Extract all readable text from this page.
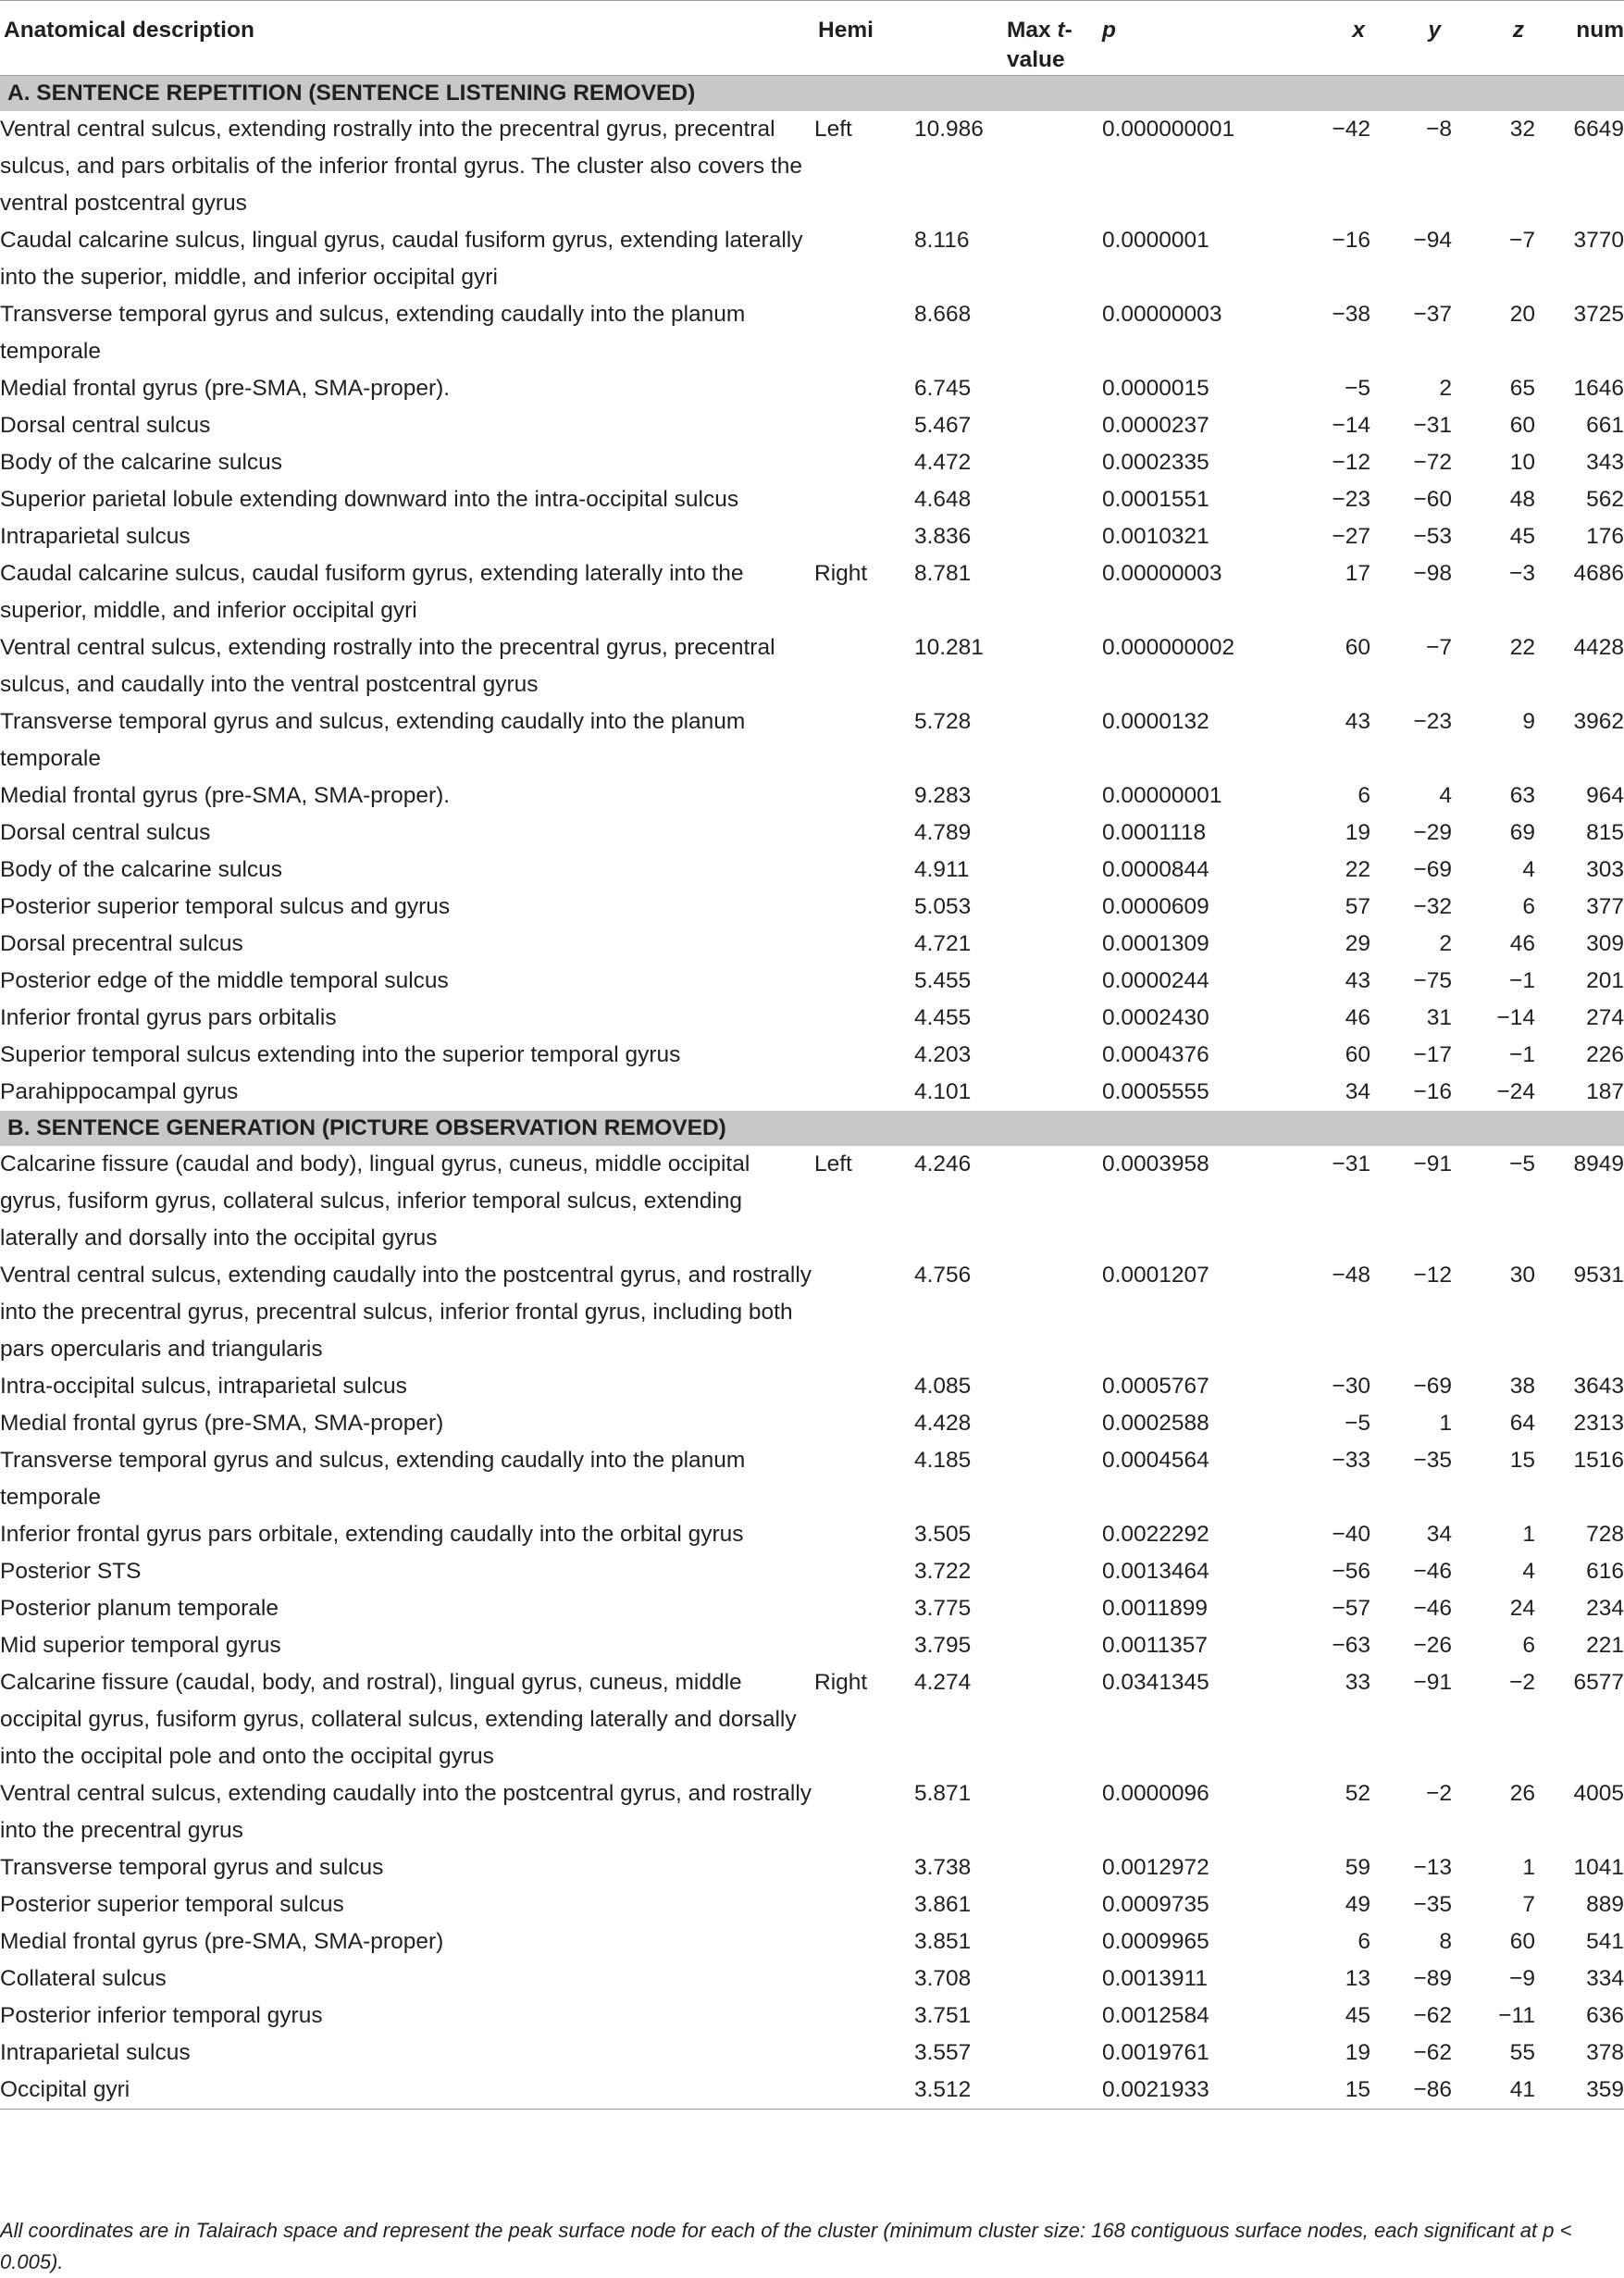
Anatomical description	Hemi	Max t-value	p	x	y	z	num
A. SENTENCE REPETITION (SENTENCE LISTENING REMOVED)							
Ventral central sulcus, extending rostrally into the precentral gyrus, precentral sulcus, and pars orbitalis of the inferior frontal gyrus. The cluster also covers the ventral postcentral gyrus	Left	10.986	0.000000001	−42	−8	32	6649
Caudal calcarine sulcus, lingual gyrus, caudal fusiform gyrus, extending laterally into the superior, middle, and inferior occipital gyri		8.116	0.0000001	−16	−94	−7	3770
Transverse temporal gyrus and sulcus, extending caudally into the planum temporale		8.668	0.00000003	−38	−37	20	3725
Medial frontal gyrus (pre-SMA, SMA-proper).		6.745	0.0000015	−5	2	65	1646
Dorsal central sulcus		5.467	0.0000237	−14	−31	60	661
Body of the calcarine sulcus		4.472	0.0002335	−12	−72	10	343
Superior parietal lobule extending downward into the intra-occipital sulcus		4.648	0.0001551	−23	−60	48	562
Intraparietal sulcus		3.836	0.0010321	−27	−53	45	176
Caudal calcarine sulcus, caudal fusiform gyrus, extending laterally into the superior, middle, and inferior occipital gyri	Right	8.781	0.00000003	17	−98	−3	4686
Ventral central sulcus, extending rostrally into the precentral gyrus, precentral sulcus, and caudally into the ventral postcentral gyrus		10.281	0.000000002	60	−7	22	4428
Transverse temporal gyrus and sulcus, extending caudally into the planum temporale		5.728	0.0000132	43	−23	9	3962
Medial frontal gyrus (pre-SMA, SMA-proper).		9.283	0.00000001	6	4	63	964
Dorsal central sulcus		4.789	0.0001118	19	−29	69	815
Body of the calcarine sulcus		4.911	0.0000844	22	−69	4	303
Posterior superior temporal sulcus and gyrus		5.053	0.0000609	57	−32	6	377
Dorsal precentral sulcus		4.721	0.0001309	29	2	46	309
Posterior edge of the middle temporal sulcus		5.455	0.0000244	43	−75	−1	201
Inferior frontal gyrus pars orbitalis		4.455	0.0002430	46	31	−14	274
Superior temporal sulcus extending into the superior temporal gyrus		4.203	0.0004376	60	−17	−1	226
Parahippocampal gyrus		4.101	0.0005555	34	−16	−24	187
B. SENTENCE GENERATION (PICTURE OBSERVATION REMOVED)							
Calcarine fissure (caudal and body), lingual gyrus, cuneus, middle occipital gyrus, fusiform gyrus, collateral sulcus, inferior temporal sulcus, extending laterally and dorsally into the occipital gyrus	Left	4.246	0.0003958	−31	−91	−5	8949
Ventral central sulcus, extending caudally into the postcentral gyrus, and rostrally into the precentral gyrus, precentral sulcus, inferior frontal gyrus, including both pars opercularis and triangularis		4.756	0.0001207	−48	−12	30	9531
Intra-occipital sulcus, intraparietal sulcus		4.085	0.0005767	−30	−69	38	3643
Medial frontal gyrus (pre-SMA, SMA-proper)		4.428	0.0002588	−5	1	64	2313
Transverse temporal gyrus and sulcus, extending caudally into the planum temporale		4.185	0.0004564	−33	−35	15	1516
Inferior frontal gyrus pars orbitale, extending caudally into the orbital gyrus		3.505	0.0022292	−40	34	1	728
Posterior STS		3.722	0.0013464	−56	−46	4	616
Posterior planum temporale		3.775	0.0011899	−57	−46	24	234
Mid superior temporal gyrus		3.795	0.0011357	−63	−26	6	221
Calcarine fissure (caudal, body, and rostral), lingual gyrus, cuneus, middle occipital gyrus, fusiform gyrus, collateral sulcus, extending laterally and dorsally into the occipital pole and onto the occipital gyrus	Right	4.274	0.0341345	33	−91	−2	6577
Ventral central sulcus, extending caudally into the postcentral gyrus, and rostrally into the precentral gyrus		5.871	0.0000096	52	−2	26	4005
Transverse temporal gyrus and sulcus		3.738	0.0012972	59	−13	1	1041
Posterior superior temporal sulcus		3.861	0.0009735	49	−35	7	889
Medial frontal gyrus (pre-SMA, SMA-proper)		3.851	0.0009965	6	8	60	541
Collateral sulcus		3.708	0.0013911	13	−89	−9	334
Posterior inferior temporal gyrus		3.751	0.0012584	45	−62	−11	636
Intraparietal sulcus		3.557	0.0019761	19	−62	55	378
Occipital gyri		3.512	0.0021933	15	−86	41	359
All coordinates are in Talairach space and represent the peak surface node for each of the cluster (minimum cluster size: 168 contiguous surface nodes, each significant at p < 0.005).
